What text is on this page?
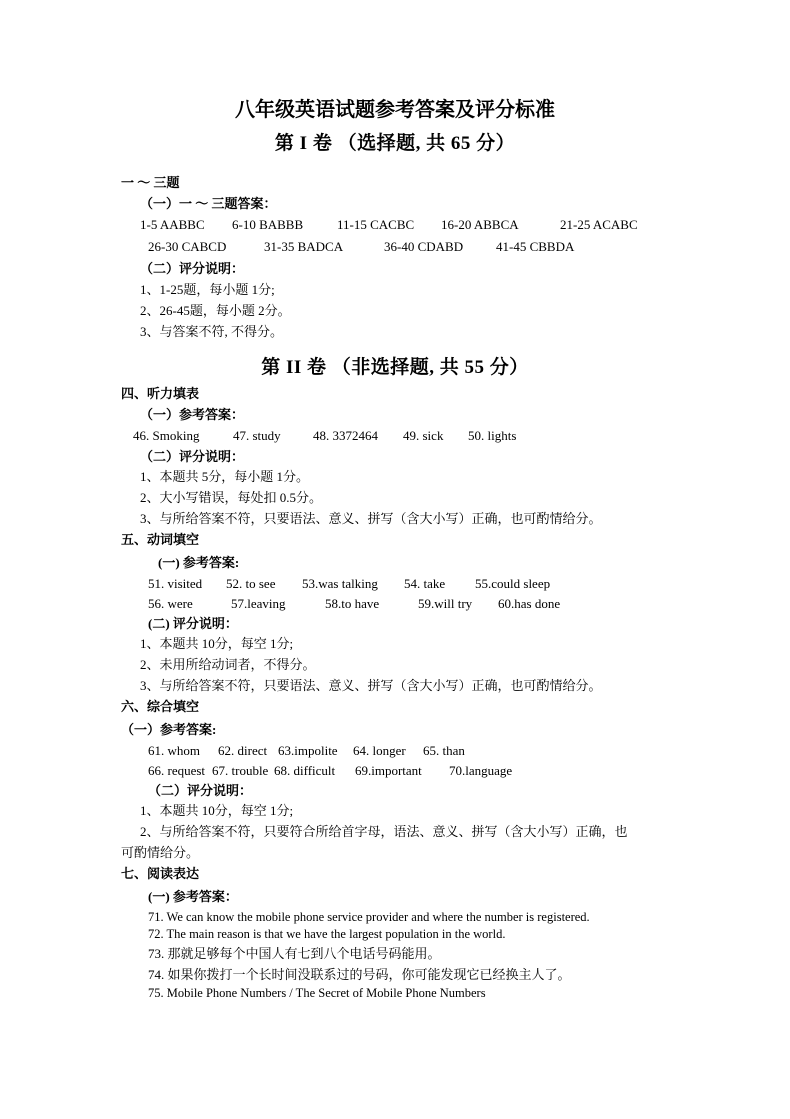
八年级英语试题参考答案及评分标准
第 I 卷 （选择题, 共 65 分）
一 ～ 三题
（一）一 ～ 三题答案：
1-5 AABBC 6-10 BABBB	11-15 CACBC 16-20 ABBCA	21-25 ACABC
26-30 CABCD	31-35 BADCA	36-40 CDABD	41-45 CBBDA
（二）评分说明：
1、1-25题，每小题 1分;
2、26-45题，每小题 2分。
3、与答案不符, 不得分。
第 II 卷 （非选择题, 共 55 分）
四、听力填表
（一）参考答案：
46. Smoking	47. study 48. 3372464 49. sick 50. lights
（二）评分说明：
1、本题共 5分，每小题 1分。
2、大小写错误，每处扣 0.5分。
3、与所给答案不符，只要语法、意义、拼写（含大小写）正确，也可酌情给分。
五、动词填空
(一) 参考答案:
51. visited 52. to see 53.was talking 54. take 55.could sleep
56. were	57.leaving	58.to have	59.will try 60.has done
(二) 评分说明：
1、本题共 10分，每空 1分;
2、未用所给动词者，不得分。
3、与所给答案不符，只要语法、意义、拼写（含大小写）正确，也可酌情给分。
六、综合填空
（一）参考答案:
61. whom 62. direct 63.impolite 64. longer 65. than
66. request 67. trouble 68. difficult 69.important 70.language
（二）评分说明：
1、本题共 10分，每空 1分;
2、与所给答案不符，只要符合所给首字母，语法、意义、拼写（含大小写）正确，也
可酌情给分。
七、阅读表达
(一) 参考答案：
71. We can know the mobile phone service provider and where the number is registered.
72. The main reason is that we have the largest population in the world.
73. 那就足够每个中国人有七到八个电话号码能用。
74. 如果你拨打一个长时间没联系过的号码，你可能发现它已经换主人了。
75. Mobile Phone Numbers / The Secret of Mobile Phone Numbers
